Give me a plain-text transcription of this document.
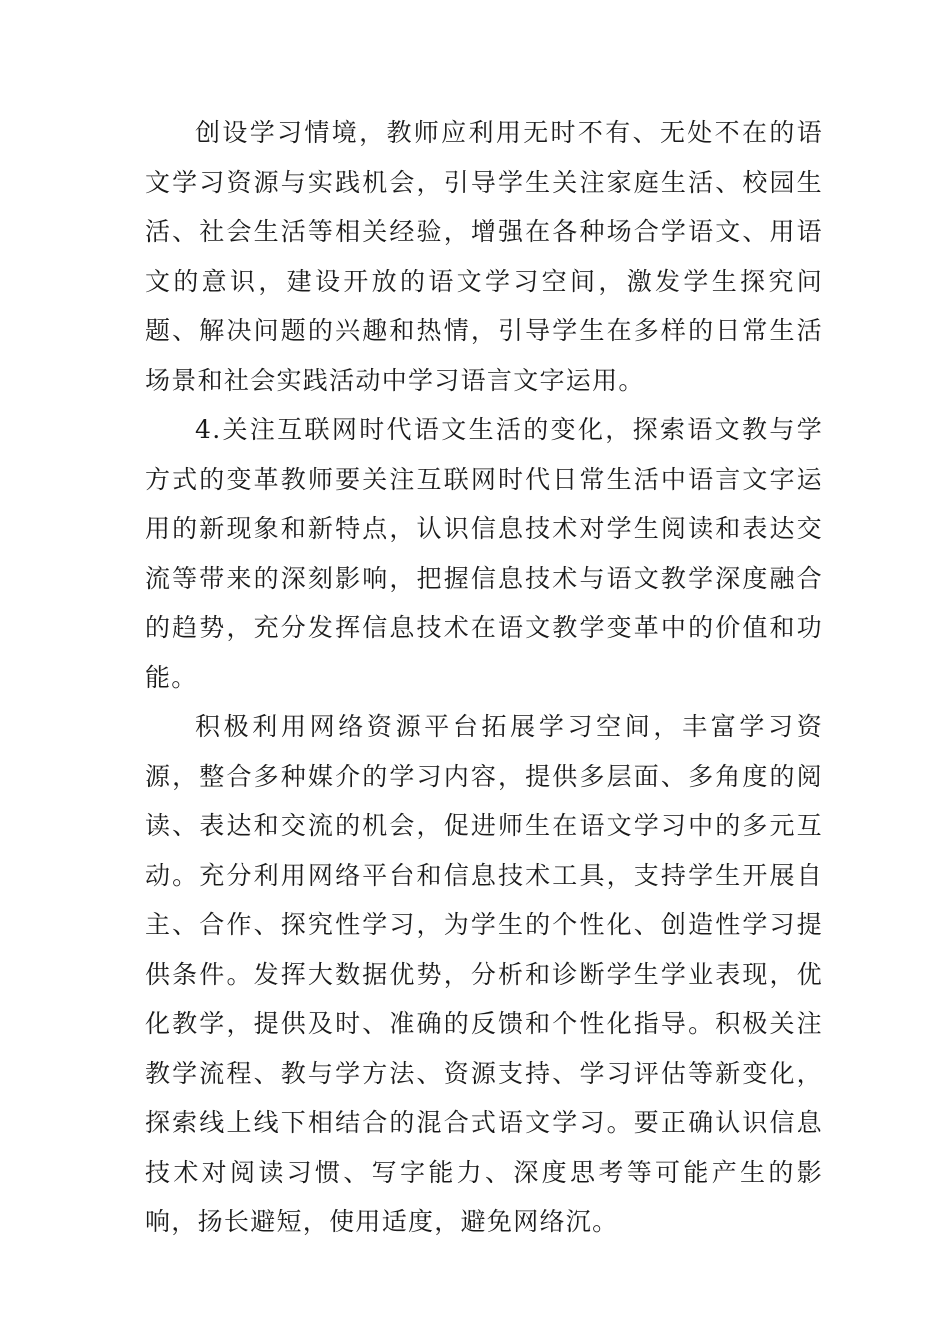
创设学习情境，教师应利用无时不有、无处不在的语文学习资源与实践机会，引导学生关注家庭生活、校园生活、社会生活等相关经验，增强在各种场合学语文、用语文的意识，建设开放的语文学习空间，激发学生探究问题、解决问题的兴趣和热情，引导学生在多样的日常生活场景和社会实践活动中学习语言文字运用。

4.关注互联网时代语文生活的变化，探索语文教与学方式的变革教师要关注互联网时代日常生活中语言文字运用的新现象和新特点，认识信息技术对学生阅读和表达交流等带来的深刻影响，把握信息技术与语文教学深度融合的趋势，充分发挥信息技术在语文教学变革中的价值和功能。

积极利用网络资源平台拓展学习空间，丰富学习资源，整合多种媒介的学习内容，提供多层面、多角度的阅读、表达和交流的机会，促进师生在语文学习中的多元互动。充分利用网络平台和信息技术工具，支持学生开展自主、合作、探究性学习，为学生的个性化、创造性学习提供条件。发挥大数据优势，分析和诊断学生学业表现，优化教学，提供及时、准确的反馈和个性化指导。积极关注教学流程、教与学方法、资源支持、学习评估等新变化，探索线上线下相结合的混合式语文学习。要正确认识信息技术对阅读习惯、写字能力、深度思考等可能产生的影响，扬长避短，使用适度，避免网络沉。
